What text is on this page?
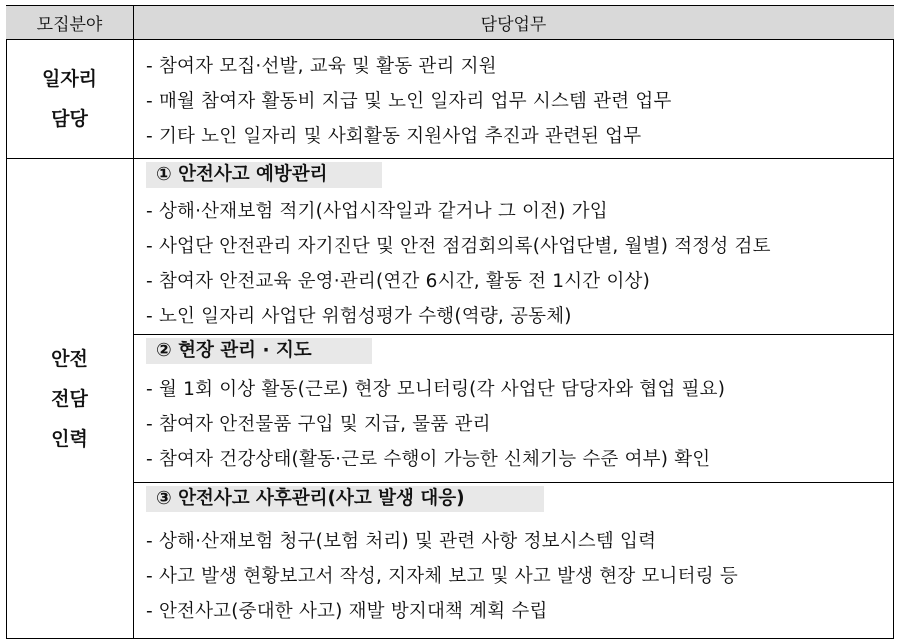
모집분야	담당업무
일자리
담당
- 참여자 모집·선발, 교육 및 활동 관리 지원
- 매월 참여자 활동비 지급 및 노인 일자리 업무 시스템 관련 업무
- 기타 노인 일자리 및 사회활동 지원사업 추진과 관련된 업무
안전
전담
인력
① 안전사고 예방관리
- 상해·산재보험 적기(사업시작일과 같거나 그 이전) 가입
- 사업단 안전관리 자기진단 및 안전 점검회의록(사업단별, 월별) 적정성 검토
- 참여자 안전교육 운영·관리(연간 6시간, 활동 전 1시간 이상)
- 노인 일자리 사업단 위험성평가 수행(역량, 공동체)
② 현장 관리 · 지도
- 월 1회 이상 활동(근로) 현장 모니터링(각 사업단 담당자와 협업 필요)
- 참여자 안전물품 구입 및 지급, 물품 관리
- 참여자 건강상태(활동·근로 수행이 가능한 신체기능 수준 여부) 확인
③ 안전사고 사후관리(사고 발생 대응)
- 상해·산재보험 청구(보험 처리) 및 관련 사항 정보시스템 입력
- 사고 발생 현황보고서 작성, 지자체 보고 및 사고 발생 현장 모니터링 등
- 안전사고(중대한 사고) 재발 방지대책 계획 수립
